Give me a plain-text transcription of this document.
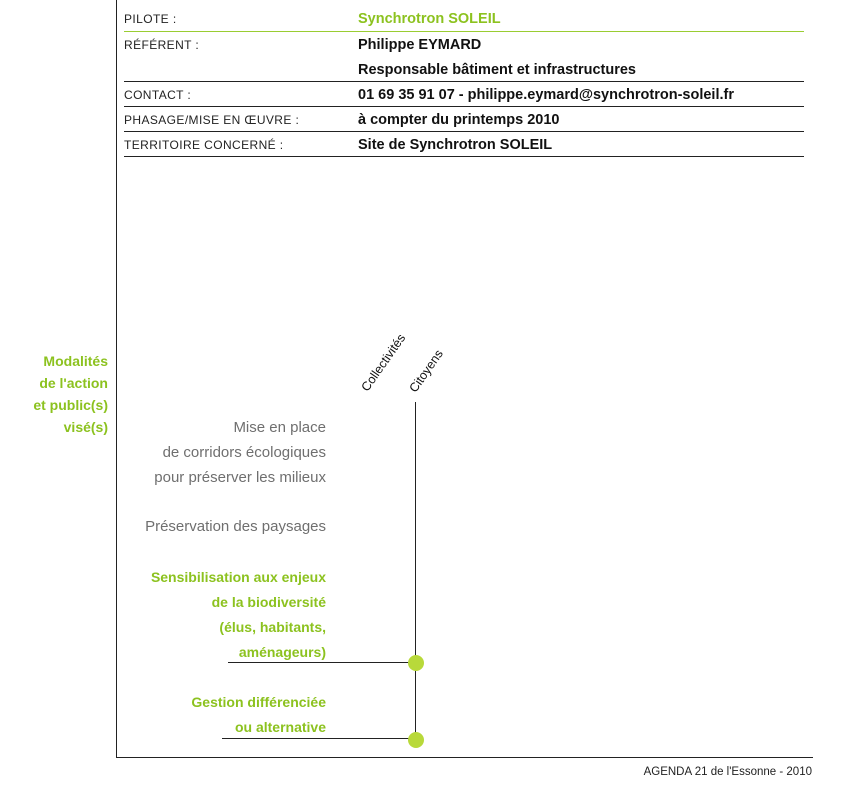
PILOTE :	Synchrotron SOLEIL
RÉFÉRENT :	Philippe EYMARD
Responsable bâtiment et infrastructures
CONTACT :	01 69 35 91 07 - philippe.eymard@synchrotron-soleil.fr
PHASAGE/MISE EN ŒUVRE :	à compter du printemps 2010
TERRITOIRE CONCERNÉ :	Site de Synchrotron SOLEIL
Modalités
de l'action
et public(s)
visé(s)
Collectivités
Citoyens
Mise en place
de corridors écologiques
pour préserver les milieux
Préservation des paysages
Sensibilisation aux enjeux
de la biodiversité
(élus, habitants,
aménageurs)
Gestion différenciée
ou alternative
AGENDA 21 de l'Essonne - 2010
